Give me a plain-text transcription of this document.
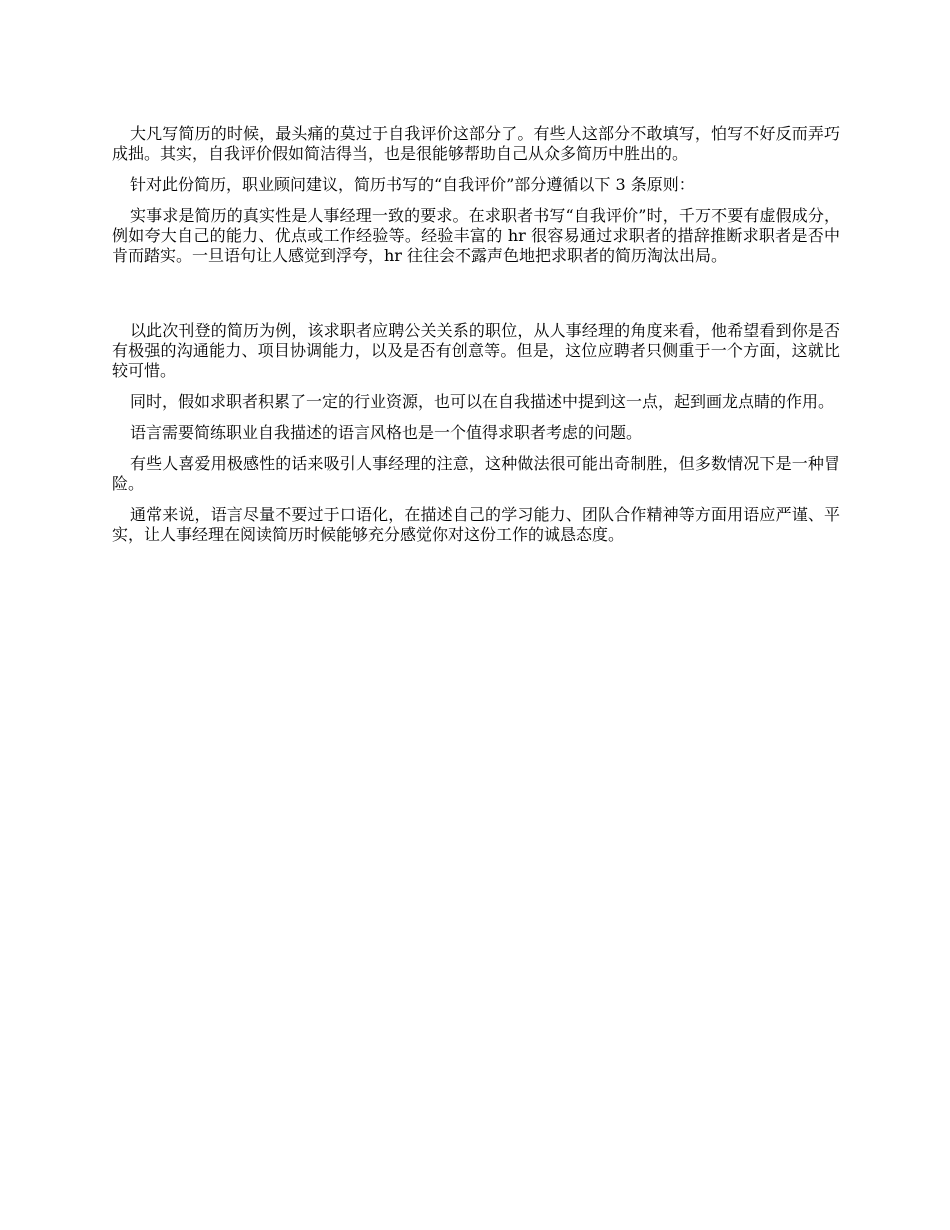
大凡写简历的时候，最头痛的莫过于自我评价这部分了。有些人这部分不敢填写，怕写不好反而弄巧成拙。其实，自我评价假如简洁得当，也是很能够帮助自己从众多简历中胜出的。

针对此份简历，职业顾问建议，简历书写的“自我评价”部分遵循以下 3 条原则：

实事求是简历的真实性是人事经理一致的要求。在求职者书写“自我评价”时，千万不要有虚假成分，例如夸大自己的能力、优点或工作经验等。经验丰富的 hr 很容易通过求职者的措辞推断求职者是否中肯而踏实。一旦语句让人感觉到浮夸，hr 往往会不露声色地把求职者的简历淘汰出局。

以此次刊登的简历为例，该求职者应聘公关关系的职位，从人事经理的角度来看，他希望看到你是否有极强的沟通能力、项目协调能力，以及是否有创意等。但是，这位应聘者只侧重于一个方面，这就比较可惜。

同时，假如求职者积累了一定的行业资源，也可以在自我描述中提到这一点，起到画龙点睛的作用。

语言需要简练职业自我描述的语言风格也是一个值得求职者考虑的问题。

有些人喜爱用极感性的话来吸引人事经理的注意，这种做法很可能出奇制胜，但多数情况下是一种冒险。

通常来说，语言尽量不要过于口语化，在描述自己的学习能力、团队合作精神等方面用语应严谨、平实，让人事经理在阅读简历时候能够充分感觉你对这份工作的诚恳态度。
